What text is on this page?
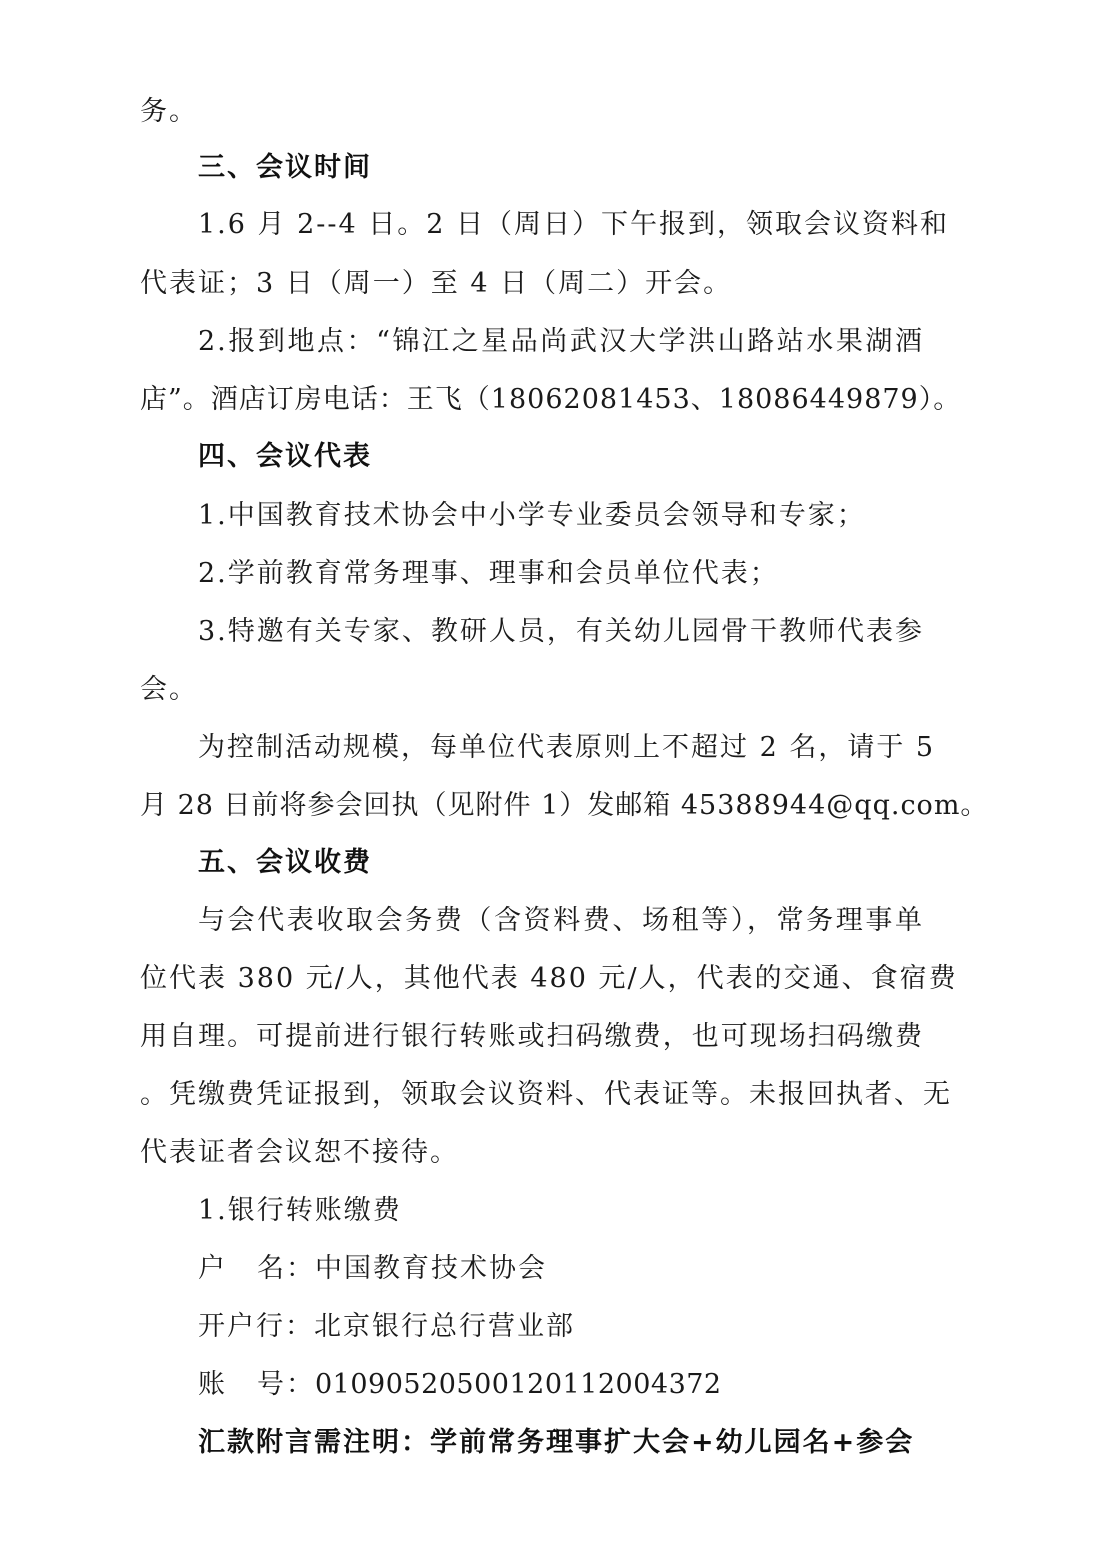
务。

三、会议时间

1.6 月 2--4 日。2 日（周日）下午报到，领取会议资料和

代表证；3 日（周一）至 4 日（周二）开会。

2.报到地点：“锦江之星品尚武汉大学洪山路站水果湖酒

店”。酒店订房电话：王飞（18062081453、18086449879）。

四、会议代表

1.中国教育技术协会中小学专业委员会领导和专家；

2.学前教育常务理事、理事和会员单位代表；

3.特邀有关专家、教研人员，有关幼儿园骨干教师代表参

会。

为控制活动规模，每单位代表原则上不超过 2 名，请于 5

月 28 日前将参会回执（见附件 1）发邮箱 45388944@qq.com。

五、会议收费

与会代表收取会务费（含资料费、场租等），常务理事单

位代表 380 元/人，其他代表 480 元/人，代表的交通、食宿费

用自理。可提前进行银行转账或扫码缴费，也可现场扫码缴费

。凭缴费凭证报到，领取会议资料、代表证等。未报回执者、无

代表证者会议恕不接待。

1.银行转账缴费

户 名：中国教育技术协会

开户行：北京银行总行营业部

账 号：01090520500120112004372

汇款附言需注明：学前常务理事扩大会+幼儿园名+参会
